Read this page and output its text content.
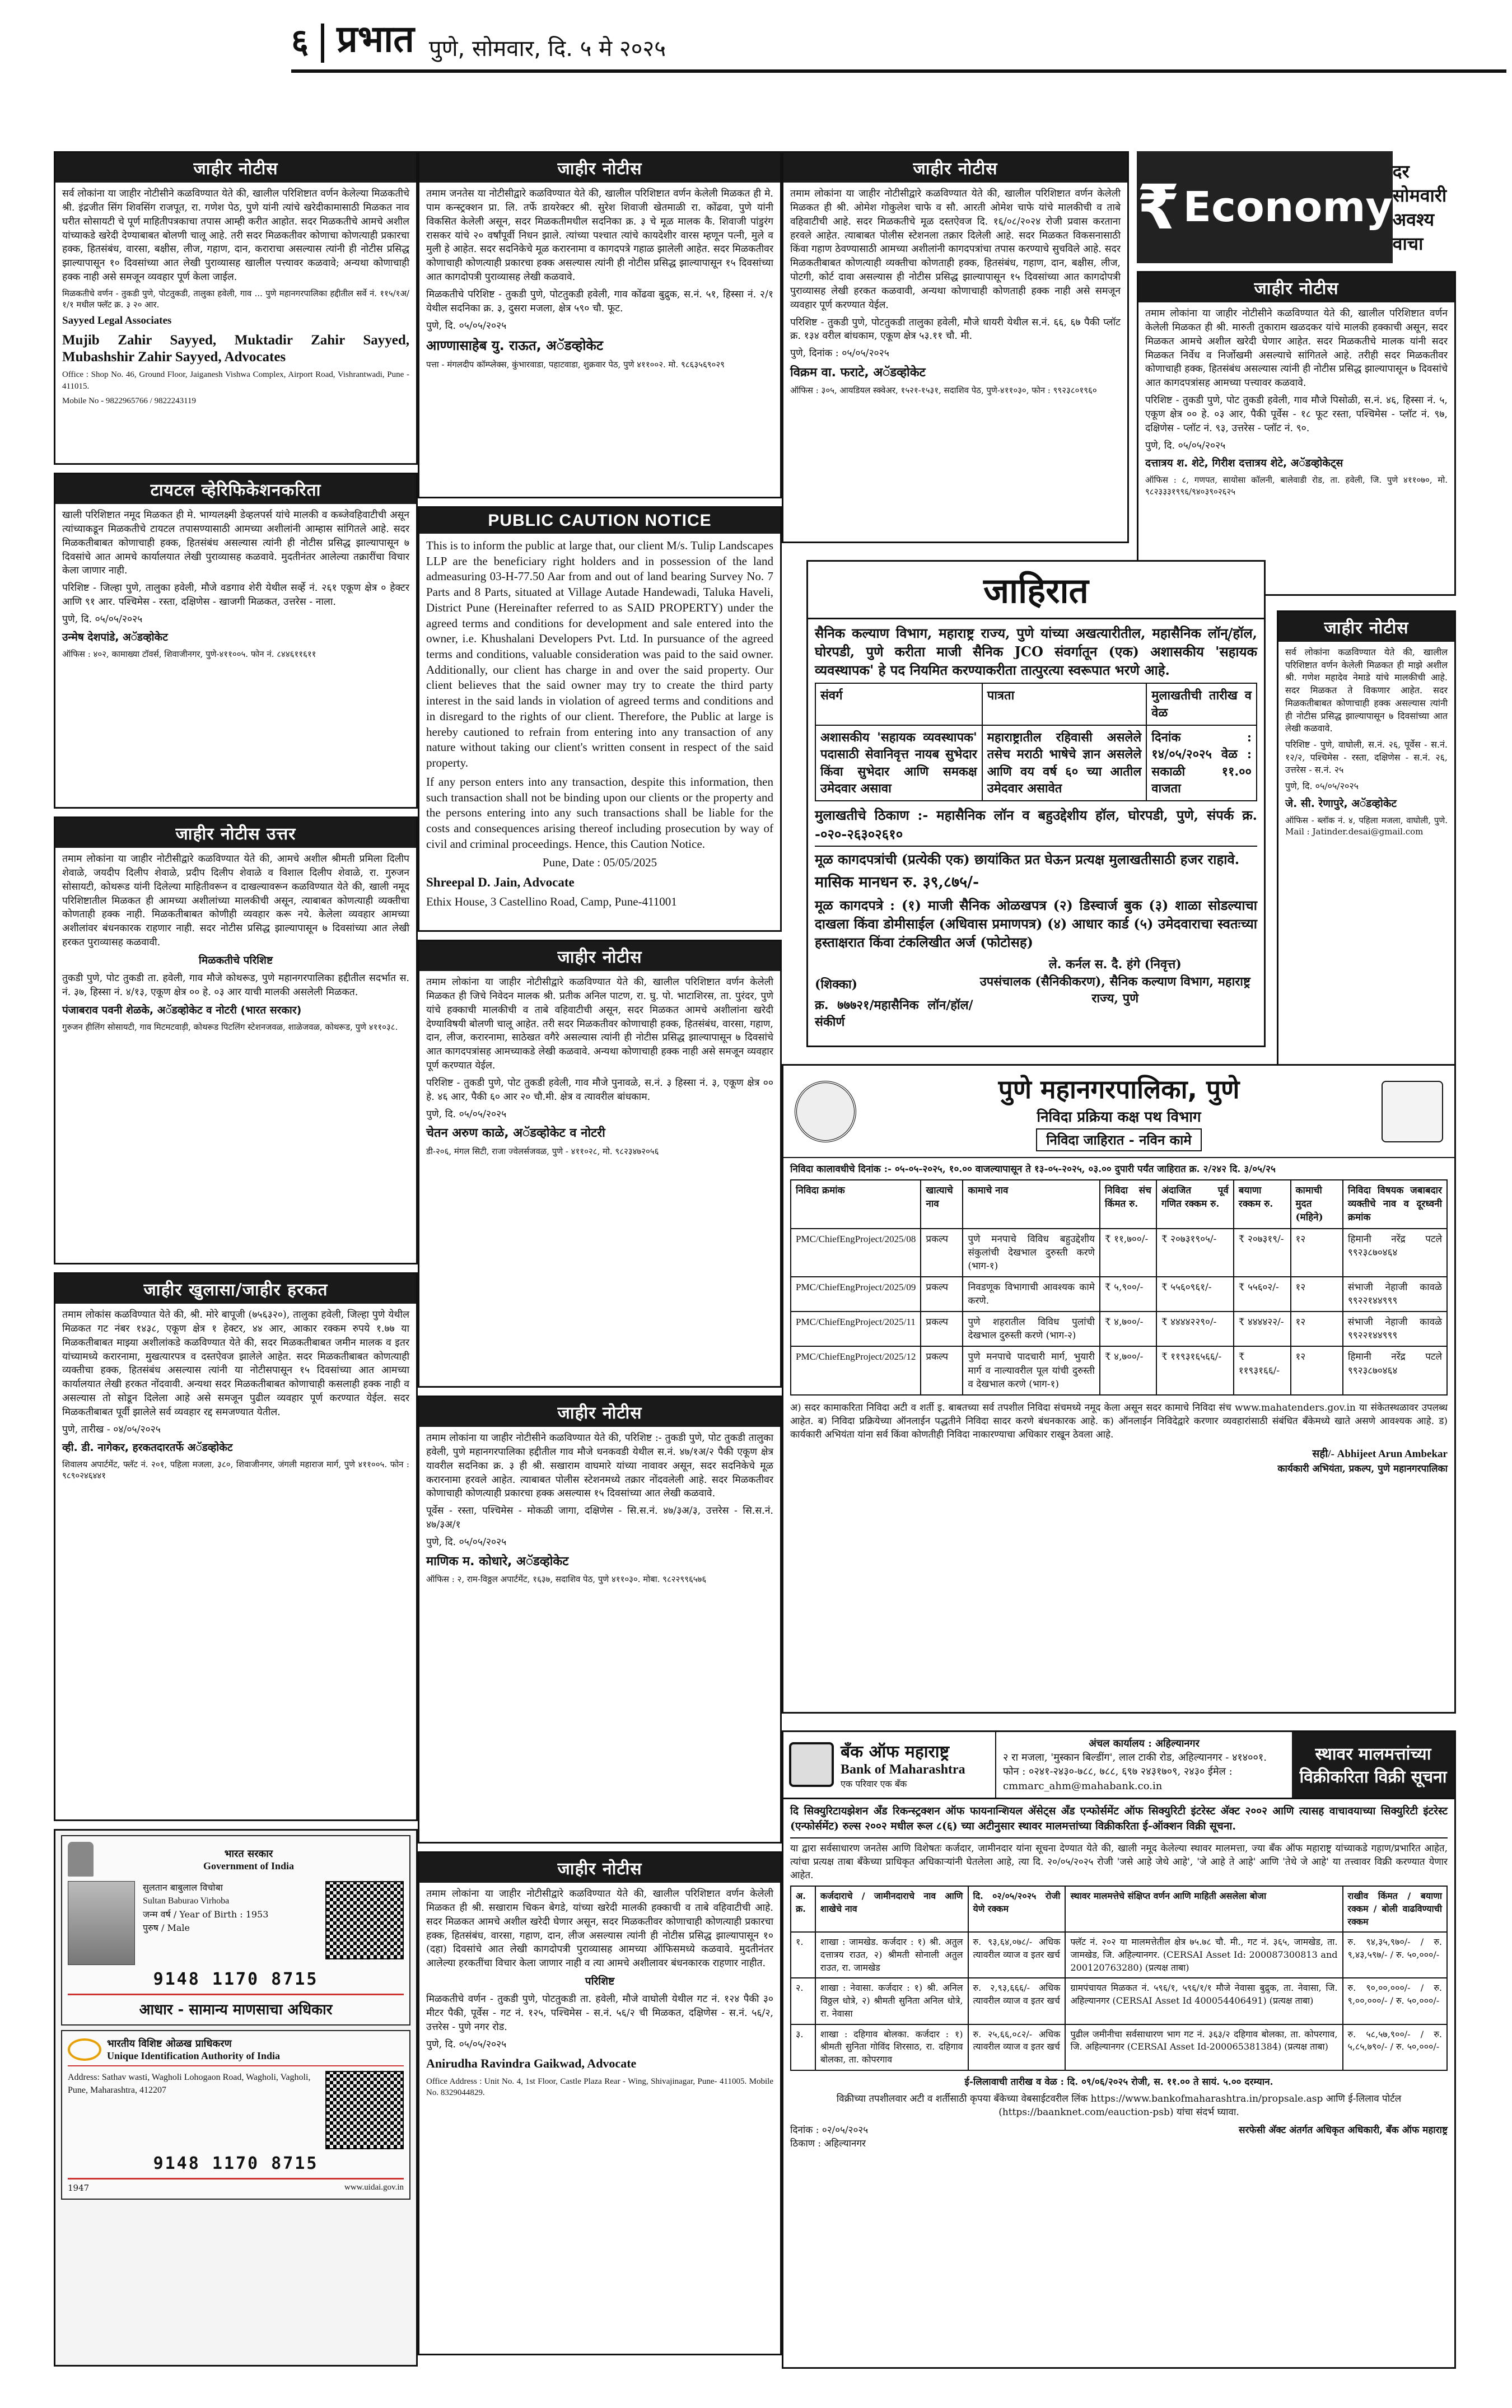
६ प्रभात पुणे, सोमवार, दि. ५ मे २०२५
जाहीर नोटीस

सर्व लोकांना या जाहीर नोटीसीने कळविण्यात येते की, खालील परिशिष्टात वर्णन केलेल्या मिळकतीचे श्री. इंद्रजीत सिंग शिवसिंग राजपूत, रा. गणेश पेठ, पुणे यांनी त्यांचे खरेदीकामासाठी मिळकत नाव घरीत सोसायटी चे पूर्ण माहितीपत्रकाचा तपास आम्ही करीत आहोत. सदर मिळकतीचे आमचे अशील यांच्याकडे खरेदी देण्याबाबत बोलणी चालू आहे. तरी सदर मिळकतीवर कोणाचा कोणत्याही प्रकारचा हक्क, हितसंबंध, वारसा, बक्षीस, लीज, गहाण, दान, कराराचा असल्यास त्यांनी ही नोटीस प्रसिद्ध झाल्यापासून १० दिवसांच्या आत लेखी पुराव्यासह खालील पत्त्यावर कळवावे; अन्यथा कोणाचाही हक्क नाही असे समजून व्यवहार पूर्ण केला जाईल.

मिळकतीचे वर्णन - तुकडी पुणे, पोटतुकडी, तालुका हवेली, गाव ... पुणे महानगरपालिका हद्दीतील सर्वे नं. ११५/१अ/१/१ मधील फ्लॅट क्र. ३ २० आर.

Sayyed Legal Associates

Mujib Zahir Sayyed, Muktadir Zahir Sayyed, Mubashshir Zahir Sayyed, Advocates

Office : Shop No. 46, Ground Floor, Jaiganesh Vishwa Complex, Airport Road, Vishrantwadi, Pune - 411015.

Mobile No - 9822965766 / 9822243119

टायटल व्हेरिफिकेशनकरिता

खाली परिशिष्टात नमूद मिळकत ही मे. भाग्यलक्ष्मी डेव्हलपर्स यांचे मालकी व कब्जेवहिवाटीची असून त्यांच्याकडून मिळकतीचे टायटल तपासण्यासाठी आमच्या अशीलांनी आम्हास सांगितले आहे. सदर मिळकतीबाबत कोणाचाही हक्क, हितसंबंध असल्यास त्यांनी ही नोटीस प्रसिद्ध झाल्यापासून ७ दिवसांचे आत आमचे कार्यालयात लेखी पुराव्यासह कळवावे. मुदतीनंतर आलेल्या तक्रारींचा विचार केला जाणार नाही.

परिशिष्ट - जिल्हा पुणे, तालुका हवेली, मौजे वडगाव शेरी येथील सर्व्हे नं. २६१ एकूण क्षेत्र ० हेक्टर आणि ९१ आर. पश्चिमेस - रस्ता, दक्षिणेस - खाजगी मिळकत, उत्तरेस - नाला.

पुणे, दि. ०५/०५/२०२५

उन्मेष देशपांडे, अॅडव्होकेट

ऑफिस : ४०२, कामाख्या टॉवर्स, शिवाजीनगर, पुणे-४११००५. फोन नं. ८४४६११६११

जाहीर नोटीस उत्तर

तमाम लोकांना या जाहीर नोटीसीद्वारे कळविण्यात येते की, आमचे अशील श्रीमती प्रमिला दिलीप शेवाळे, जयदीप दिलीप शेवाळे, प्रदीप दिलीप शेवाळे व विशाल दिलीप शेवाळे, रा. गुरुजन सोसायटी, कोथरूड यांनी दिलेल्या माहितीवरून व दाखल्यावरून कळविण्यात येते की, खाली नमूद परिशिष्टातील मिळकत ही आमच्या अशीलांच्या मालकीची असून, त्याबाबत कोणत्याही व्यक्तीचा कोणताही हक्क नाही. मिळकतीबाबत कोणीही व्यवहार करू नये. केलेला व्यवहार आमच्या अशीलांवर बंधनकारक राहणार नाही. सदर नोटीस प्रसिद्ध झाल्यापासून ७ दिवसांच्या आत लेखी हरकत पुराव्यासह कळवावी.

मिळकतीचे परिशिष्ट

तुकडी पुणे, पोट तुकडी ता. हवेली, गाव मौजे कोथरूड, पुणे महानगरपालिका हद्दीतील सदर्भात स. नं. ३७, हिस्सा नं. ४/१३, एकूण क्षेत्र ०० हे. ०३ आर याची मालकी असलेली मिळकत.

पंजाबराव पवनी शेळके, अॅडव्होकेट व नोटरी (भारत सरकार)

गुरुजन हीलिंग सोसायटी, गाव मिटमटवाड़ी, कोथरूड पिटलिंग स्टेशनजवळ, शाळेजवळ, कोथरूड, पुणे ४११०३८.

जाहीर खुलासा/जाहीर हरकत

तमाम लोकांस कळविण्यात येते की, श्री. मोरे बापूजी (७५६३२०), तालुका हवेली, जिल्हा पुणे येथील मिळकत गट नंबर १४३८, एकूण क्षेत्र १ हेक्टर, ४४ आर, आकार रक्कम रुपये १.७७ या मिळकतीबाबत माझ्या अशीलांकडे कळविण्यात येते की, सदर मिळकतीबाबत जमीन मालक व इतर यांच्यामध्ये करारनामा, मुखत्यारपत्र व दस्तऐवज झालेले आहेत. सदर मिळकतीबाबत कोणत्याही व्यक्तीचा हक्क, हितसंबंध असल्यास त्यांनी या नोटीसपासून १५ दिवसांच्या आत आमच्या कार्यालयात लेखी हरकत नोंदवावी. अन्यथा सदर मिळकतीबाबत कोणाचाही कसलाही हक्क नाही व असल्यास तो सोडून दिलेला आहे असे समजून पुढील व्यवहार पूर्ण करण्यात येईल. सदर मिळकतीबाबत पूर्वी झालेले सर्व व्यवहार रद्द समजण्यात येतील.

पुणे, तारीख - ०४/०५/२०२५

व्ही. डी. नागेकर, हरकतदारतर्फे अॅडव्होकेट

शिवालय अपार्टमेंट, फ्लॅट नं. २०१, पहिला मजला, ३८०, शिवाजीनगर, जंगली महाराज मार्ग, पुणे ४११००५. फोन : ९८९०२४६४४१

भारत सरकार
Government of India
सुलतान बाबुलाल विचोबा
Sultan Baburao Virhoba
जन्म वर्ष / Year of Birth : 1953
पुरुष / Male
9148 1170 8715
आधार - सामान्य माणसाचा अधिकार
भारतीय विशिष्ट ओळख प्राधिकरण
Unique Identification Authority of India
Address: Sathav wasti, Wagholi Lohogaon Road, Wagholi, Vagholi, Pune, Maharashtra, 412207
9148 1170 8715
1947	www.uidai.gov.in
जाहीर नोटीस

तमाम जनतेस या नोटीसीद्वारे कळविण्यात येते की, खालील परिशिष्टात वर्णन केलेली मिळकत ही मे. पाम कन्स्ट्रक्शन प्रा. लि. तर्फे डायरेक्टर श्री. सुरेश शिवाजी खेतमाळी रा. कोंढवा, पुणे यांनी विकसित केलेली असून, सदर मिळकतीमधील सदनिका क्र. ३ चे मूळ मालक कै. शिवाजी पांडुरंग रासकर यांचे २० वर्षांपूर्वी निधन झाले. त्यांच्या पश्चात त्यांचे कायदेशीर वारस म्हणून पत्नी, मुले व मुली हे आहेत. सदर सदनिकेचे मूळ करारनामा व कागदपत्रे गहाळ झालेली आहेत. सदर मिळकतीवर कोणाचाही कोणत्याही प्रकारचा हक्क असल्यास त्यांनी ही नोटीस प्रसिद्ध झाल्यापासून १५ दिवसांच्या आत कागदोपत्री पुराव्यासह लेखी कळवावे.

मिळकतीचे परिशिष्ट - तुकडी पुणे, पोटतुकडी हवेली, गाव कोंढवा बुद्रुक, स.नं. ५१, हिस्सा नं. २/१ येथील सदनिका क्र. ३, दुसरा मजला, क्षेत्र ५९० चौ. फूट.

पुणे, दि. ०५/०५/२०२५

आण्णासाहेब यु. राऊत, अॅडव्होकेट

पत्ता - मंगलदीप कॉम्प्लेक्स, कुंभारवाडा, पहाटवाडा, शुक्रवार पेठ, पुणे ४११००२. मो. ९८६३५६९०२९

PUBLIC CAUTION NOTICE

This is to inform the public at large that, our client M/s. Tulip Landscapes LLP are the beneficiary right holders and in possession of the land admeasuring 03-H-77.50 Aar from and out of land bearing Survey No. 7 Parts and 8 Parts, situated at Village Autade Handewadi, Taluka Haveli, District Pune (Hereinafter referred to as SAID PROPERTY) under the agreed terms and conditions for development and sale entered into the owner, i.e. Khushalani Developers Pvt. Ltd. In pursuance of the agreed terms and conditions, valuable consideration was paid to the said owner. Additionally, our client has charge in and over the said property. Our client believes that the said owner may try to create the third party interest in the said lands in violation of agreed terms and conditions and in disregard to the rights of our client. Therefore, the Public at large is hereby cautioned to refrain from entering into any transaction of any nature without taking our client's written consent in respect of the said property.

If any person enters into any transaction, despite this information, then such transaction shall not be binding upon our clients or the property and the persons entering into any such transactions shall be liable for the costs and consequences arising thereof including prosecution by way of civil and criminal proceedings. Hence, this Caution Notice.

Pune, Date : 05/05/2025

Shreepal D. Jain, Advocate

Ethix House, 3 Castellino Road, Camp, Pune-411001

जाहीर नोटीस

तमाम लोकांना या जाहीर नोटीसीद्वारे कळविण्यात येते की, खालील परिशिष्टात वर्णन केलेली मिळकत ही जिचे निवेदन मालक श्री. प्रतीक अनिल पाटण, रा. घु. पो. भाटाशिरस, ता. पुरंदर, पुणे यांचे हक्काची मालकीची व ताबे वहिवाटीची असून, सदर मिळकत आमचे अशीलांना खरेदी देण्याविषयी बोलणी चालू आहेत. तरी सदर मिळकतीवर कोणाचाही हक्क, हितसंबंध, वारसा, गहाण, दान, लीज, करारनामा, साठेखत वगैरे असल्यास त्यांनी ही नोटीस प्रसिद्ध झाल्यापासून ७ दिवसांचे आत कागदपत्रांसह आमच्याकडे लेखी कळवावे. अन्यथा कोणाचाही हक्क नाही असे समजून व्यवहार पूर्ण करण्यात येईल.

परिशिष्ट - तुकडी पुणे, पोट तुकडी हवेली, गाव मौजे पुनावळे, स.नं. ३ हिस्सा नं. ३, एकूण क्षेत्र ०० हे. ४६ आर, पैकी ६० आर २० चौ.मी. क्षेत्र व त्यावरील बांधकाम.

पुणे, दि. ०५/०५/२०२५

चेतन अरुण काळे, अॅडव्होकेट व नोटरी

डी-२०६, मंगल सिटी, राजा ज्वेलर्सजवळ, पुणे - ४११०२८, मो. ९८२३४७२०५६

जाहीर नोटीस

तमाम लोकांना या जाहीर नोटीसीने कळविण्यात येते की, परिशिष्ट :- तुकडी पुणे, पोट तुकडी तालुका हवेली, पुणे महानगरपालिका हद्दीतील गाव मौजे धनकवडी येथील स.नं. ४७/१अ/२ पैकी एकूण क्षेत्र यावरील सदनिका क्र. ३ ही श्री. सखाराम वाघमारे यांच्या नावावर असून, सदर सदनिकेचे मूळ करारनामा हरवले आहेत. त्याबाबत पोलीस स्टेशनमध्ये तक्रार नोंदवलेली आहे. सदर मिळकतीवर कोणाचाही कोणत्याही प्रकारचा हक्क असल्यास १५ दिवसांच्या आत लेखी कळवावे.

पूर्वेस - रस्ता, पश्चिमेस - मोकळी जागा, दक्षिणेस - सि.स.नं. ४७/३अ/३, उत्तरेस - सि.स.नं. ४७/३अ/१

पुणे, दि. ०५/०५/२०२५

माणिक म. कोधारे, अॅडव्होकेट

ऑफिस : २, राम-विठ्ठल अपार्टमेंट, १६३७, सदाशिव पेठ, पुणे ४११०३०. मोबा. ९८२२९९६५७६

जाहीर नोटीस

तमाम लोकांना या जाहीर नोटीसीद्वारे कळविण्यात येते की, खालील परिशिष्टात वर्णन केलेली मिळकत ही श्री. सखाराम चिकन बेगडे, यांच्या खरेदी मालकी हक्काची व ताबे वहिवाटीची आहे. सदर मिळकत आमचे अशील खरेदी घेणार असून, सदर मिळकतीवर कोणाचाही कोणत्याही प्रकारचा हक्क, हितसंबंध, वारसा, गहाण, दान, लीज असल्यास त्यांनी ही नोटीस प्रसिद्ध झाल्यापासून १० (दहा) दिवसांचे आत लेखी कागदोपत्री पुराव्यासह आमच्या ऑफिसमध्ये कळवावे. मुदतीनंतर आलेल्या हरकतींचा विचार केला जाणार नाही व त्या आमचे अशीलावर बंधनकारक राहणार नाहीत.

परिशिष्ट

मिळकतीचे वर्णन - तुकडी पुणे, पोटतुकडी ता. हवेली, मौजे वाघोली येथील गट नं. १२४ पैकी ३० मीटर पैकी, पूर्वेस - गट नं. १२५, पश्चिमेस - स.नं. ५६/२ ची मिळकत, दक्षिणेस - स.नं. ५६/२, उत्तरेस - पुणे नगर रोड.

पुणे, दि. ०५/०५/२०२५

Anirudha Ravindra Gaikwad, Advocate

Office Address : Unit No. 4, 1st Floor, Castle Plaza Rear - Wing, Shivajinagar, Pune- 411005. Mobile No. 8329044829.

जाहीर नोटीस

तमाम लोकांना या जाहीर नोटीसीद्वारे कळविण्यात येते की, खालील परिशिष्टात वर्णन केलेली मिळकत ही श्री. ओमेश गोकुलेश चाफे व सौ. आरती ओमेश चाफे यांचे मालकीची व ताबे वहिवाटीची आहे. सदर मिळकतीचे मूळ दस्तऐवज दि. १६/०८/२०२४ रोजी प्रवास करताना हरवले आहेत. त्याबाबत पोलीस स्टेशनला तक्रार दिलेली आहे. सदर मिळकत विकसनासाठी किंवा गहाण ठेवण्यासाठी आमच्या अशीलांनी कागदपत्रांचा तपास करण्याचे सुचविले आहे. सदर मिळकतीबाबत कोणत्याही व्यक्तीचा कोणताही हक्क, हितसंबंध, गहाण, दान, बक्षीस, लीज, पोटगी, कोर्ट दावा असल्यास ही नोटीस प्रसिद्ध झाल्यापासून १५ दिवसांच्या आत कागदोपत्री पुराव्यासह लेखी हरकत कळवावी, अन्यथा कोणाचाही कोणताही हक्क नाही असे समजून व्यवहार पूर्ण करण्यात येईल.

परिशिष्ट - तुकडी पुणे, पोटतुकडी तालुका हवेली, मौजे धायरी येथील स.नं. ६६, ६७ पैकी प्लॉट क्र. १३४ वरील बांधकाम, एकूण क्षेत्र ५३.११ चौ. मी.

पुणे, दिनांक : ०५/०५/२०२५

विक्रम वा. फराटे, अॅडव्होकेट

ऑफिस : ३०५, आयडियल स्क्वेअर, १५२१-१५३१, सदाशिव पेठ, पुणे-४११०३०, फोन : ९९२३८०१९६०

₹ Economy
दर सोमवारी
अवश्य वाचा
जाहीर नोटीस

तमाम लोकांना या जाहीर नोटीसीने कळविण्यात येते की, खालील परिशिष्टात वर्णन केलेली मिळकत ही श्री. मारुती तुकाराम खळदकर यांचे मालकी हक्काची असून, सदर मिळकत आमचे अशील खरेदी घेणार आहेत. सदर मिळकतीचे मालक यांनी सदर मिळकत निर्वेध व निर्जोखमी असल्याचे सांगितले आहे. तरीही सदर मिळकतीवर कोणाचाही हक्क, हितसंबंध असल्यास त्यांनी ही नोटीस प्रसिद्ध झाल्यापासून ७ दिवसांचे आत कागदपत्रांसह आमच्या पत्त्यावर कळवावे.

परिशिष्ट - तुकडी पुणे, पोट तुकडी हवेली, गाव मौजे पिसोळी, स.नं. ४६, हिस्सा नं. ५, एकूण क्षेत्र ०० हे. ०३ आर, पैकी पूर्वेस - १८ फूट रस्ता, पश्चिमेस - प्लॉट नं. ९७, दक्षिणेस - प्लॉट नं. ९३, उत्तरेस - प्लॉट नं. ९०.

पुणे, दि. ०५/०५/२०२५

दत्तात्रय श. शेटे, गिरीश दत्तात्रय शेटे, अॅडव्होकेट्स

ऑफिस : ८, गणपत, सायोसा कॉलनी, बालेवाडी रोड, ता. हवेली, जि. पुणे ४११०७०, मो. ९८२३३३१९९६/९४०३९०२६२५

जाहीर नोटीस

सर्व लोकांना कळविण्यात येते की, खालील परिशिष्टात वर्णन केलेली मिळकत ही माझे अशील श्री. गणेश महादेव नेमाडे यांचे मालकीची आहे. सदर मिळकत ते विकणार आहेत. सदर मिळकतीबाबत कोणाचाही हक्क असल्यास त्यांनी ही नोटीस प्रसिद्ध झाल्यापासून ७ दिवसांच्या आत लेखी कळवावे.

परिशिष्ट - पुणे, वाघोली, स.नं. २६, पूर्वेस - स.नं. १२/२, पश्चिमेस - रस्ता, दक्षिणेस - स.नं. २६, उत्तरेस - स.नं. २५

पुणे, दि. ०५/०५/२०२५

जे. सी. रेणापुरे, अॅडव्होकेट

ऑफिस - ब्लॉक नं. ४, पहिला मजला, वाघोली, पुणे. Mail : Jatinder.desai@gmail.com

जाहिरात

सैनिक कल्याण विभाग, महाराष्ट्र राज्य, पुणे यांच्या अखत्यारीतील, महासैनिक लॉन्/हॉल, घोरपडी, पुणे करीता माजी सैनिक JCO संवर्गातून (एक) अशासकीय 'सहायक व्यवस्थापक' हे पद नियमित करण्याकरीता तात्पुरत्या स्वरूपात भरणे आहे.

संवर्ग	पात्रता	मुलाखतीची तारीख व वेळ
अशासकीय 'सहायक व्यवस्थापक' पदासाठी सेवानिवृत्त नायब सुभेदार किंवा सुभेदार आणि समकक्ष उमेदवार असावा	महाराष्ट्रातील रहिवासी असलेले तसेच मराठी भाषेचे ज्ञान असलेले आणि वय वर्ष ६० च्या आतील उमेदवार असावेत	दिनांक : १४/०५/२०२५ वेळ : सकाळी ११.०० वाजता

मुलाखतीचे ठिकाण :- महासैनिक लॉन व बहुउद्देशीय हॉल, घोरपडी, पुणे, संपर्क क्र. -०२०-२६३०२६१०

मूळ कागदपत्रांची (प्रत्येकी एक) छायांकित प्रत घेऊन प्रत्यक्ष मुलाखतीसाठी हजर राहावे.

मासिक मानधन रु. ३९,८७५/-

मूळ कागदपत्रे : (१) माजी सैनिक ओळखपत्र (२) डिस्चार्ज बुक (३) शाळा सोडल्याचा दाखला किंवा डोमीसाईल (अधिवास प्रमाणपत्र) (४) आधार कार्ड (५) उमेदवाराचा स्वतःच्या हस्ताक्षरात किंवा टंकलिखीत अर्ज (फोटोसह)

(शिक्का)
क्र. ७७७२१/महासैनिक लॉन/हॉल/संकीर्ण
ले. कर्नल स. दै. हंगे (निवृत्त)
उपसंचालक (सैनिकीकरण), सैनिक कल्याण विभाग, महाराष्ट्र राज्य, पुणे
पुणे महानगरपालिका, पुणे
निविदा प्रक्रिया कक्ष पथ विभाग
निविदा जाहिरात - नविन कामे

निविदा कालावधीचे दिनांक :- ०५-०५-२०२५, १०.०० वाजल्यापासून ते १३-०५-२०२५, ०३.०० दुपारी पर्यंत जाहिरात क्र. २/२४२ दि. ३/०५/२५

निविदा क्रमांक	खात्याचे नाव	कामाचे नाव	निविदा संच किंमत रु.	अंदाजित पूर्व गणित रक्कम रु.	बयाणा रक्कम रु.	कामाची मुदत (महिने)	निविदा विषयक जबाबदार व्यक्तीचे नाव व दूरध्वनी क्रमांक
PMC/ChiefEngProject/2025/08	प्रकल्प	पुणे मनपाचे विविध बहुउद्देशीय संकुलांची देखभाल दुरुस्ती करणे (भाग-१)	₹ ११,७००/-	₹ २०७३१९०५/-	₹ २०७३१९/-	१२	हिमानी नरेंद्र पटले ९९२३८७०४६४
PMC/ChiefEngProject/2025/09	प्रकल्प	निवडणूक विभागाची आवश्यक कामे करणे.	₹ ५,९००/-	₹ ५५६०९६१/-	₹ ५५६०२/-	१२	संभाजी नेहाजी कावळे ९९२२१४४९९९
PMC/ChiefEngProject/2025/11	प्रकल्प	पुणे शहरातील विविध पुलांची देखभाल दुरुस्ती करणे (भाग-२)	₹ ४,७००/-	₹ ४४४४२२९०/-	₹ ४४४४२२/-	१२	संभाजी नेहाजी कावळे ९९२२१४४९९९
PMC/ChiefEngProject/2025/12	प्रकल्प	पुणे मनपाचे पादचारी मार्ग, भुयारी मार्ग व नाल्यावरील पूल यांची दुरुस्ती व देखभाल करणे (भाग-१)	₹ ४,७००/-	₹ ११९३१६५६६/-	₹ ११९३१६६/-	१२	हिमानी नरेंद्र पटले ९९२३८७०४६४

अ) सदर कामाकरिता निविदा अटी व शर्ती इ. बाबतच्या सर्व तपशील निविदा संचमध्ये नमूद केला असून सदर कामाचे निविदा संच www.mahatenders.gov.in या संकेतस्थळावर उपलब्ध आहेत. ब) निविदा प्रक्रियेच्या ऑनलाईन पद्धतीने निविदा सादर करणे बंधनकारक आहे. क) ऑनलाईन निविदेद्वारे करणार व्यवहारांसाठी संबंधित बँकेमध्ये खाते असणे आवश्यक आहे. ड) कार्यकारी अभियंता यांना सर्व किंवा कोणतीही निविदा नाकारण्याचा अधिकार राखून ठेवला आहे.

सही/- Abhijeet Arun Ambekar
कार्यकारी अभियंता, प्रकल्प, पुणे महानगरपालिका
बँक ऑफ महाराष्ट्र
Bank of Maharashtra
एक परिवार एक बँक
अंचल कार्यालय : अहिल्यानगर
२ रा मजला, 'मुस्कान बिल्डींग', लाल टाकी रोड, अहिल्यानगर - ४१४००१. फोन : ०२४१-२४३०-७८८, ७८८, ६९७ २४३१७०९, २४३० ईमेल : cmmarc_ahm@mahabank.co.in
स्थावर मालमत्तांच्या विक्रीकरिता विक्री सूचना

दि सिक्युरिटायझेशन अँड रिकन्स्ट्रक्शन ऑफ फायनान्शियल अ‍ॅसेट्स अँड एन्फोर्समेंट ऑफ सिक्युरिटी इंटरेस्ट अ‍ॅक्ट २००२ आणि त्यासह वाचावयाच्या सिक्युरिटी इंटरेस्ट (एन्फोर्समेंट) रुल्स २००२ मधील रूल ८(६) च्या अटीनुसार स्थावर मालमत्तांच्या विक्रीकरिता ई-ऑक्शन विक्री सूचना.

या द्वारा सर्वसाधारण जनतेस आणि विशेषतः कर्जदार, जामीनदार यांना सूचना देण्यात येते की, खाली नमूद केलेल्या स्थावर मालमत्ता, ज्या बँक ऑफ महाराष्ट्र यांच्याकडे गहाण/प्रभारित आहेत, त्यांचा प्रत्यक्ष ताबा बँकेच्या प्राधिकृत अधिकाऱ्यांनी घेतलेला आहे, त्या दि. २०/०५/२०२५ रोजी 'जसे आहे जेथे आहे', 'जे आहे ते आहे' आणि 'तेथे जे आहे' या तत्त्वावर विक्री करण्यात येणार आहेत.

अ. क्र.	कर्जदाराचे / जामीनदाराचे नाव आणि शाखेचे नाव	दि. ०२/०५/२०२५ रोजी येणे रक्कम	स्थावर मालमत्तेचे संक्षिप्त वर्णन आणि माहिती असलेला बोजा	राखीव किंमत / बयाणा रक्कम / बोली वाढविण्याची रक्कम
१.	शाखा : जामखेड. कर्जदार : १) श्री. अतुल दत्तात्रय राउत, २) श्रीमती सोनाली अतुल राउत, रा. जामखेड	रु. ९३,६४,०७८/- अधिक त्यावरील व्याज व इतर खर्च	फ्लॅट नं. २०२ या मालमत्तेतील क्षेत्र ७५.७८ चौ. मी., गट नं. ३६५, जामखेड, ता. जामखेड, जि. अहिल्यानगर. (CERSAI Asset Id: 200087300813 and 200120763280) (प्रत्यक्ष ताबा)	रु. ९४,३५,९७०/- / रु. ९,४३,५९७/- / रु. ५०,०००/-
२.	शाखा : नेवासा. कर्जदार : १) श्री. अनिल विठ्ठल धोत्रे, २) श्रीमती सुनिता अनिल धोत्रे, रा. नेवासा	रु. २,९३,६६६/- अधिक त्यावरील व्याज व इतर खर्च	ग्रामपंचायत मिळकत नं. ५९६/१, ५९६/१/१ मौजे नेवासा बुद्रुक, ता. नेवासा, जि. अहिल्यानगर (CERSAI Asset Id 400054406491) (प्रत्यक्ष ताबा)	रु. ९०,००,०००/- / रु. ९,००,०००/- / रु. ५०,०००/-
३.	शाखा : दहिगाव बोलका. कर्जदार : १) श्रीमती सुनिता गोविंद शिरसाठ, रा. दहिगाव बोलका, ता. कोपरगाव	रु. २५,६६,०८२/- अधिक त्यावरील व्याज व इतर खर्च	पुढील जमीनीचा सर्वसाधारण भाग गट नं. ३६३/२ दहिगाव बोलका, ता. कोपरगाव, जि. अहिल्यानगर (CERSAI Asset Id-200065381384) (प्रत्यक्ष ताबा)	रु. ५८,५७,९००/- / रु. ५,८५,७९०/- / रु. ५०,०००/-

ई-लिलावाची तारीख व वेळ : दि. ०९/०६/२०२५ रोजी, स. ११.०० ते सायं. ५.०० दरम्यान.

विक्रीच्या तपशीलवार अटी व शर्तीसाठी कृपया बँकेच्या वेबसाईटवरील लिंक https://www.bankofmaharashtra.in/propsale.asp आणि ई-लिलाव पोर्टल (https://baanknet.com/eauction-psb) यांचा संदर्भ घ्यावा.

दिनांक : ०२/०५/२०२५
ठिकाण : अहिल्यानगर
सरफेसी अ‍ॅक्ट अंतर्गत अधिकृत अधिकारी, बँक ऑफ महाराष्ट्र
